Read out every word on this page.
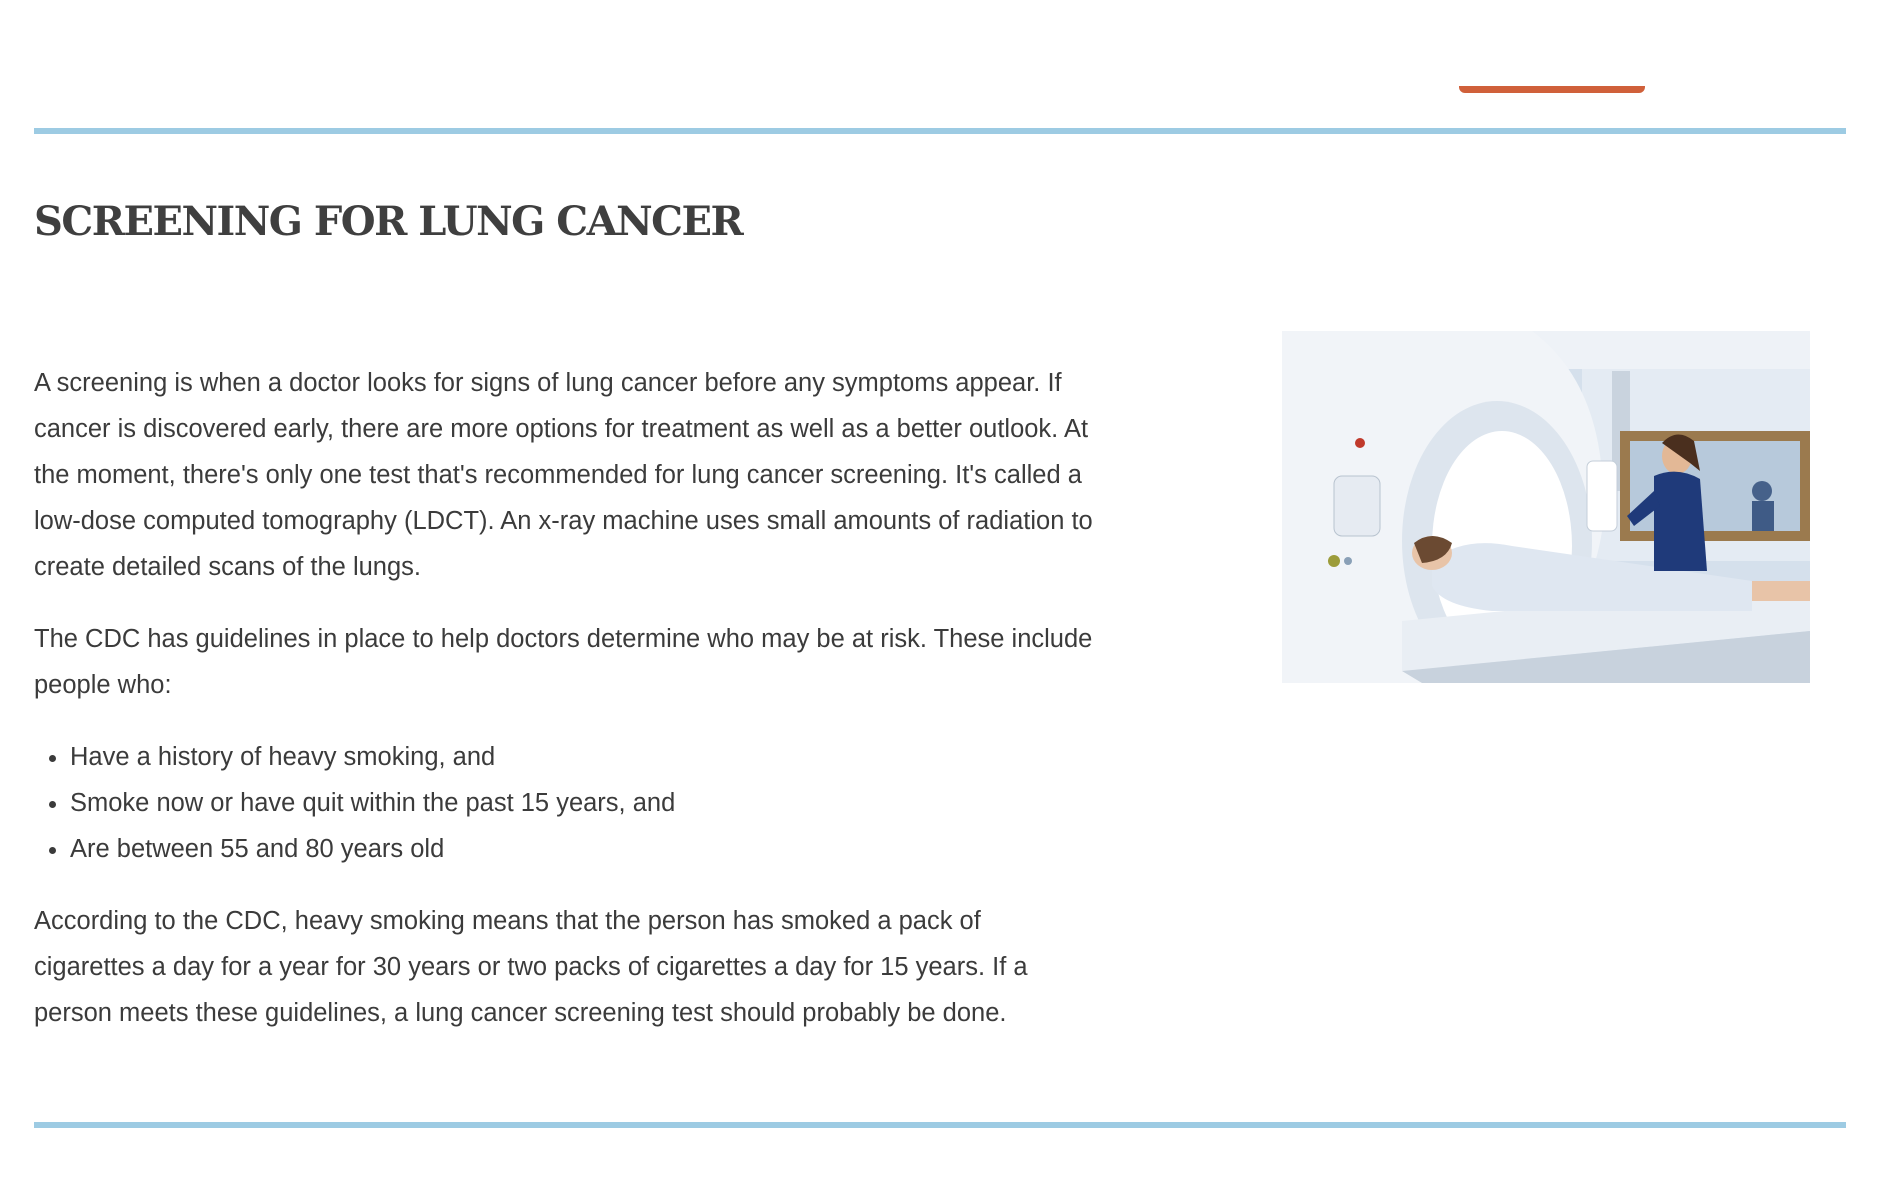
SCREENING FOR LUNG CANCER

A screening is when a doctor looks for signs of lung cancer before any symptoms appear. If cancer is discovered early, there are more options for treatment as well as a better outlook. At the moment, there's only one test that's recommended for lung cancer screening. It's called a low-dose computed tomography (LDCT). An x-ray machine uses small amounts of radiation to create detailed scans of the lungs.

The CDC has guidelines in place to help doctors determine who may be at risk. These include people who:

• Have a history of heavy smoking, and
• Smoke now or have quit within the past 15 years, and
• Are between 55 and 80 years old

According to the CDC, heavy smoking means that the person has smoked a pack of cigarettes a day for a year for 30 years or two packs of cigarettes a day for 15 years. If a person meets these guidelines, a lung cancer screening test should probably be done.
